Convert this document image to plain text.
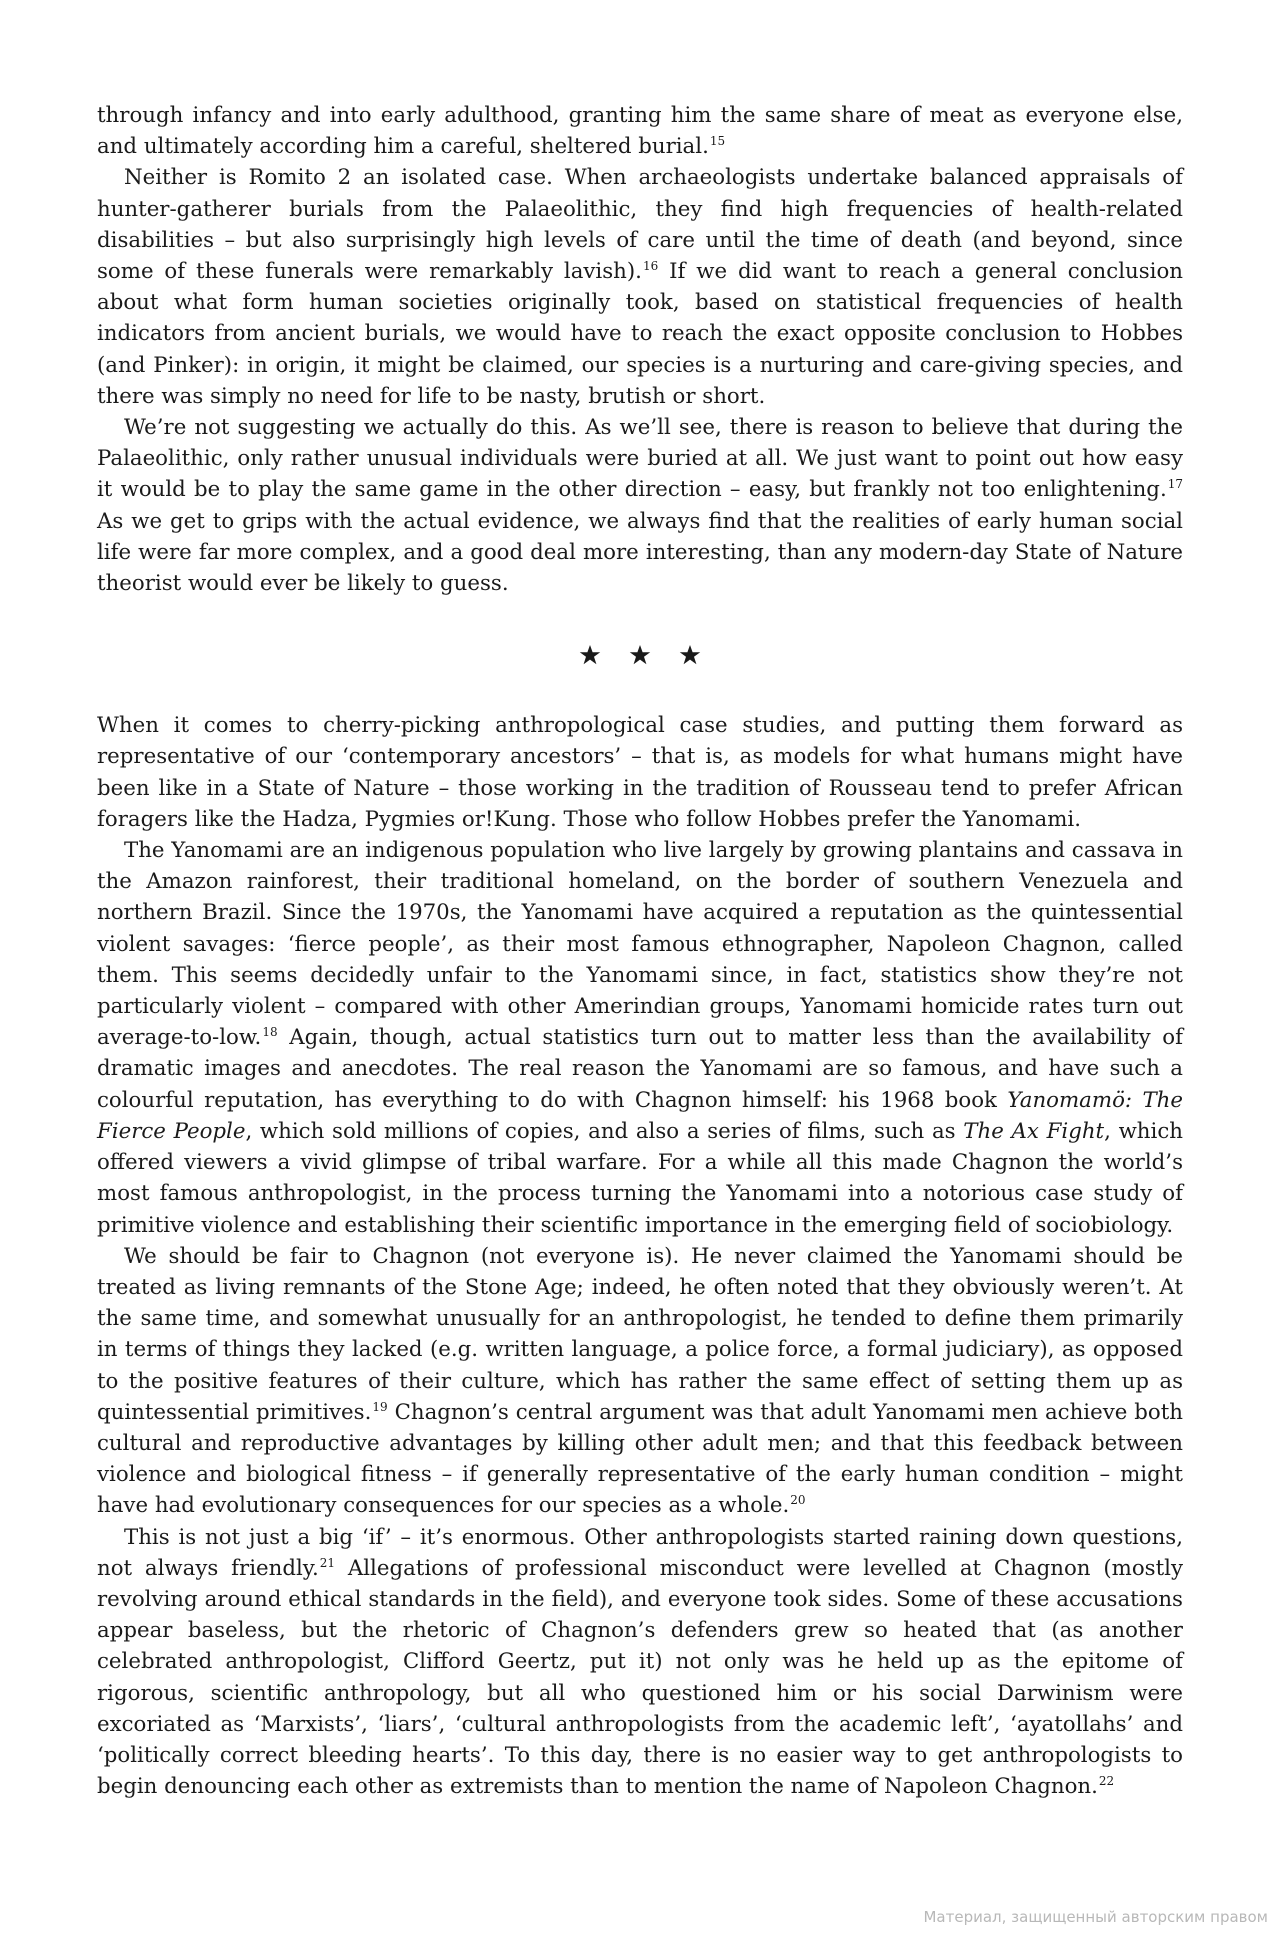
through infancy and into early adulthood, granting him the same share of meat as everyone else, and ultimately according him a careful, sheltered burial.$^{15}$

Neither is Romito 2 an isolated case. When archaeologists undertake balanced appraisals of hunter-gatherer burials from the Palaeolithic, they find high frequencies of health-related disabilities – but also surprisingly high levels of care until the time of death (and beyond, since some of these funerals were remarkably lavish).$^{16}$ If we did want to reach a general conclusion about what form human societies originally took, based on statistical frequencies of health indicators from ancient burials, we would have to reach the exact opposite conclusion to Hobbes (and Pinker): in origin, it might be claimed, our species is a nurturing and care-giving species, and there was simply no need for life to be nasty, brutish or short.

We’re not suggesting we actually do this. As we’ll see, there is reason to believe that during the Palaeolithic, only rather unusual individuals were buried at all. We just want to point out how easy it would be to play the same game in the other direction – easy, but frankly not too enlightening.$^{17}$ As we get to grips with the actual evidence, we always find that the realities of early human social life were far more complex, and a good deal more interesting, than any modern-day State of Nature theorist would ever be likely to guess.

When it comes to cherry-picking anthropological case studies, and putting them forward as representative of our ‘contemporary ancestors’ – that is, as models for what humans might have been like in a State of Nature – those working in the tradition of Rousseau tend to prefer African foragers like the Hadza, Pygmies or!Kung. Those who follow Hobbes prefer the Yanomami.

The Yanomami are an indigenous population who live largely by growing plantains and cassava in the Amazon rainforest, their traditional homeland, on the border of southern Venezuela and northern Brazil. Since the 1970s, the Yanomami have acquired a reputation as the quintessential violent savages: ‘fierce people’, as their most famous ethnographer, Napoleon Chagnon, called them. This seems decidedly unfair to the Yanomami since, in fact, statistics show they’re not particularly violent – compared with other Amerindian groups, Yanomami homicide rates turn out average-to-low.$^{18}$ Again, though, actual statistics turn out to matter less than the availability of dramatic images and anecdotes. The real reason the Yanomami are so famous, and have such a colourful reputation, has everything to do with Chagnon himself: his 1968 book Yanomamö: The Fierce People, which sold millions of copies, and also a series of films, such as The Ax Fight, which offered viewers a vivid glimpse of tribal warfare. For a while all this made Chagnon the world’s most famous anthropologist, in the process turning the Yanomami into a notorious case study of primitive violence and establishing their scientific importance in the emerging field of sociobiology.

We should be fair to Chagnon (not everyone is). He never claimed the Yanomami should be treated as living remnants of the Stone Age; indeed, he often noted that they obviously weren’t. At the same time, and somewhat unusually for an anthropologist, he tended to define them primarily in terms of things they lacked (e.g. written language, a police force, a formal judiciary), as opposed to the positive features of their culture, which has rather the same effect of setting them up as quintessential primitives.$^{19}$ Chagnon’s central argument was that adult Yanomami men achieve both cultural and reproductive advantages by killing other adult men; and that this feedback between violence and biological fitness – if generally representative of the early human condition – might have had evolutionary consequences for our species as a whole.$^{20}$

This is not just a big ‘if’ – it’s enormous. Other anthropologists started raining down questions, not always friendly.$^{21}$ Allegations of professional misconduct were levelled at Chagnon (mostly revolving around ethical standards in the field), and everyone took sides. Some of these accusations appear baseless, but the rhetoric of Chagnon’s defenders grew so heated that (as another celebrated anthropologist, Clifford Geertz, put it) not only was he held up as the epitome of rigorous, scientific anthropology, but all who questioned him or his social Darwinism were excoriated as ‘Marxists’, ‘liars’, ‘cultural anthropologists from the academic left’, ‘ayatollahs’ and ‘politically correct bleeding hearts’. To this day, there is no easier way to get anthropologists to begin denouncing each other as extremists than to mention the name of Napoleon Chagnon.$^{22}$

Материал, защищенный авторским правом
